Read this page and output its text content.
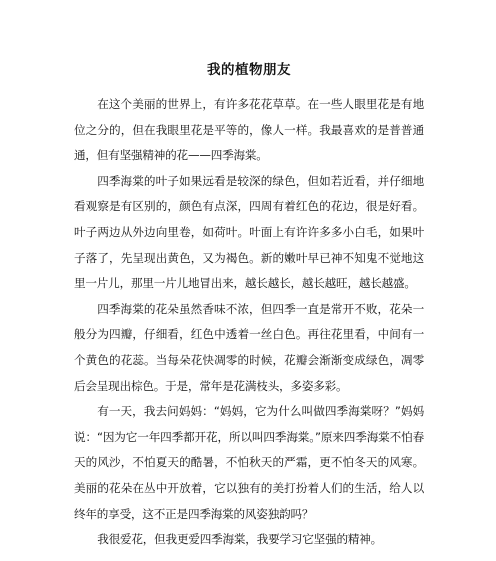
我的植物朋友

在这个美丽的世界上，有许多花花草草。在一些人眼里花是有地位之分的，但在我眼里花是平等的，像人一样。我最喜欢的是普普通通，但有坚强精神的花——四季海棠。

四季海棠的叶子如果远看是较深的绿色，但如若近看，并仔细地看观察是有区别的，颜色有点深，四周有着红色的花边，很是好看。叶子两边从外边向里卷，如荷叶。叶面上有许许多多小白毛，如果叶子落了，先呈现出黄色，又为褐色。新的嫩叶早已神不知鬼不觉地这里一片儿，那里一片儿地冒出来，越长越长，越长越旺，越长越盛。

四季海棠的花朵虽然香味不浓，但四季一直是常开不败，花朵一般分为四瓣，仔细看，红色中透着一丝白色。再往花里看，中间有一个黄色的花蕊。当每朵花快凋零的时候，花瓣会渐渐变成绿色，凋零后会呈现出棕色。于是，常年是花满枝头，多姿多彩。

有一天，我去问妈妈：“妈妈，它为什么叫做四季海棠呀？”妈妈说：“因为它一年四季都开花，所以叫四季海棠。”原来四季海棠不怕春天的风沙，不怕夏天的酷暑，不怕秋天的严霜，更不怕冬天的风寒。美丽的花朵在丛中开放着，它以独有的美打扮着人们的生活，给人以终年的享受，这不正是四季海棠的风姿独韵吗？

我很爱花，但我更爱四季海棠，我要学习它坚强的精神。
